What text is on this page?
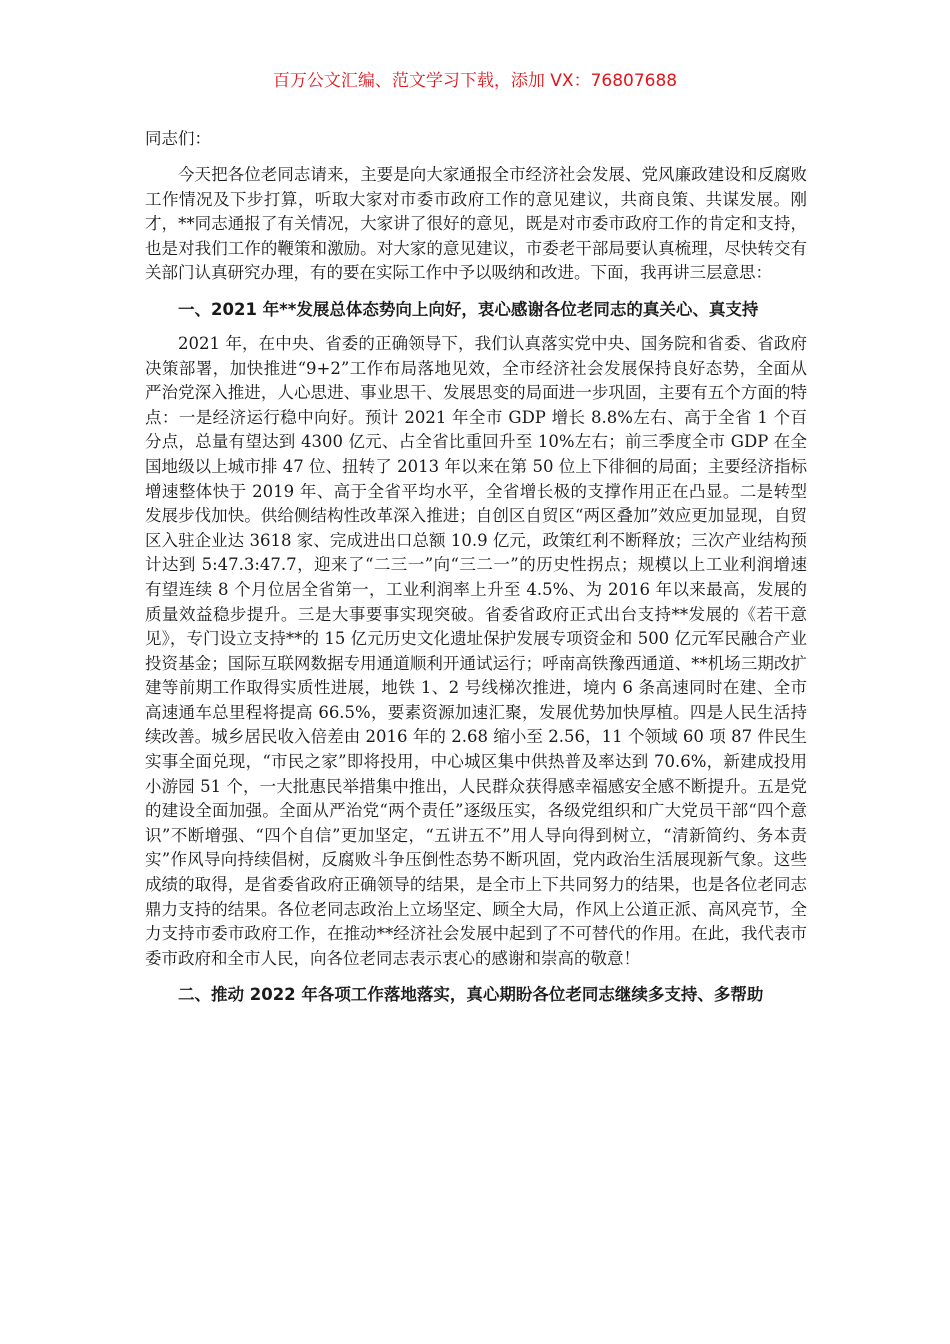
百万公文汇编、范文学习下载，添加 VX：76807688

同志们：

今天把各位老同志请来，主要是向大家通报全市经济社会发展、党风廉政建设和反腐败工作情况及下步打算，听取大家对市委市政府工作的意见建议，共商良策、共谋发展。刚才，**同志通报了有关情况，大家讲了很好的意见，既是对市委市政府工作的肯定和支持，也是对我们工作的鞭策和激励。对大家的意见建议，市委老干部局要认真梳理，尽快转交有关部门认真研究办理，有的要在实际工作中予以吸纳和改进。下面，我再讲三层意思：

一、2021 年**发展总体态势向上向好，衷心感谢各位老同志的真关心、真支持

2021 年，在中央、省委的正确领导下，我们认真落实党中央、国务院和省委、省政府决策部署，加快推进“9+2”工作布局落地见效，全市经济社会发展保持良好态势，全面从严治党深入推进，人心思进、事业思干、发展思变的局面进一步巩固，主要有五个方面的特点：一是经济运行稳中向好。预计 2021 年全市 GDP 增长 8.8%左右、高于全省 1 个百分点，总量有望达到 4300 亿元、占全省比重回升至 10%左右；前三季度全市 GDP 在全国地级以上城市排 47 位、扭转了 2013 年以来在第 50 位上下徘徊的局面；主要经济指标增速整体快于 2019 年、高于全省平均水平，全省增长极的支撑作用正在凸显。二是转型发展步伐加快。供给侧结构性改革深入推进；自创区自贸区“两区叠加”效应更加显现，自贸区入驻企业达 3618 家、完成进出口总额 10.9 亿元，政策红利不断释放；三次产业结构预计达到 5:47.3:47.7，迎来了“二三一”向“三二一”的历史性拐点；规模以上工业利润增速有望连续 8 个月位居全省第一，工业利润率上升至 4.5%、为 2016 年以来最高，发展的质量效益稳步提升。三是大事要事实现突破。省委省政府正式出台支持**发展的《若干意见》，专门设立支持**的 15 亿元历史文化遗址保护发展专项资金和 500 亿元军民融合产业投资基金；国际互联网数据专用通道顺利开通试运行；呼南高铁豫西通道、**机场三期改扩建等前期工作取得实质性进展，地铁 1、2 号线梯次推进，境内 6 条高速同时在建、全市高速通车总里程将提高 66.5%，要素资源加速汇聚，发展优势加快厚植。四是人民生活持续改善。城乡居民收入倍差由 2016 年的 2.68 缩小至 2.56，11 个领域 60 项 87 件民生实事全面兑现，“市民之家”即将投用，中心城区集中供热普及率达到 70.6%，新建成投用小游园 51 个，一大批惠民举措集中推出，人民群众获得感幸福感安全感不断提升。五是党的建设全面加强。全面从严治党“两个责任”逐级压实，各级党组织和广大党员干部“四个意识”不断增强、“四个自信”更加坚定，“五讲五不”用人导向得到树立，“清新简约、务本责实”作风导向持续倡树，反腐败斗争压倒性态势不断巩固，党内政治生活展现新气象。这些成绩的取得，是省委省政府正确领导的结果，是全市上下共同努力的结果，也是各位老同志鼎力支持的结果。各位老同志政治上立场坚定、顾全大局，作风上公道正派、高风亮节，全力支持市委市政府工作，在推动**经济社会发展中起到了不可替代的作用。在此，我代表市委市政府和全市人民，向各位老同志表示衷心的感谢和崇高的敬意！

二、推动 2022 年各项工作落地落实，真心期盼各位老同志继续多支持、多帮助
